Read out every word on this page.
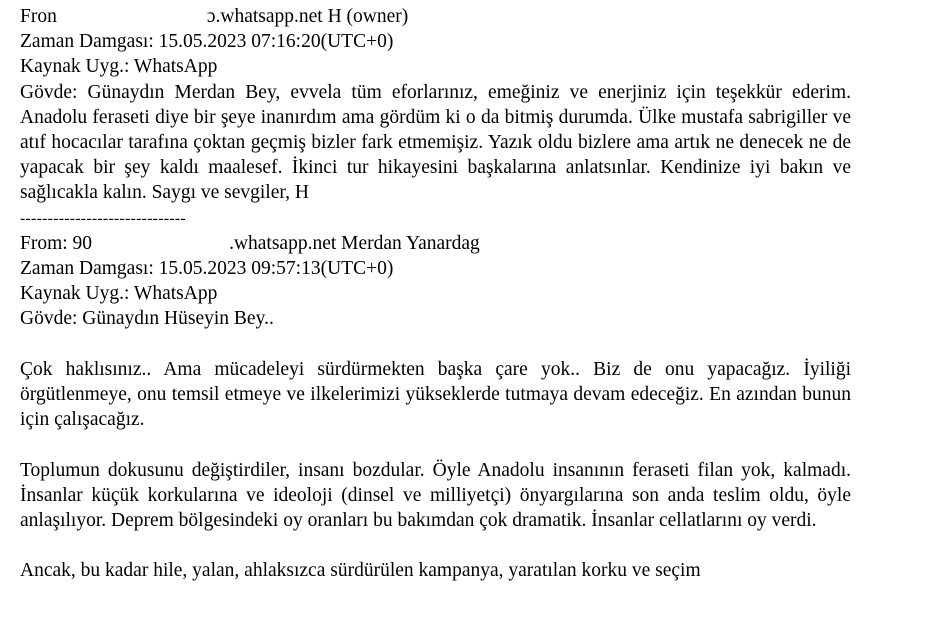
Fron	ɔ.whatsapp.net H (owner)
Zaman Damgası: 15.05.2023 07:16:20(UTC+0)
Kaynak Uyg.: WhatsApp

Gövde: Günaydın Merdan Bey, evvela tüm eforlarınız, emeğiniz ve enerjiniz için teşekkür ederim. Anadolu feraseti diye bir şeye inanırdım ama gördüm ki o da bitmiş durumda. Ülke mustafa sabrigiller ve atıf hocacılar tarafına çoktan geçmiş bizler fark etmemişiz. Yazık oldu bizlere ama artık ne denecek ne de yapacak bir şey kaldı maalesef. İkinci tur hikayesini başkalarına anlatsınlar. Kendinize iyi bakın ve sağlıcakla kalın. Saygı ve sevgiler, H

------------------------------
From: 90	.whatsapp.net Merdan Yanardag
Zaman Damgası: 15.05.2023 09:57:13(UTC+0)
Kaynak Uyg.: WhatsApp
Gövde: Günaydın Hüseyin Bey..

Çok haklısınız.. Ama mücadeleyi sürdürmekten başka çare yok.. Biz de onu yapacağız. İyiliği örgütlenmeye, onu temsil etmeye ve ilkelerimizi yükseklerde tutmaya devam edeceğiz. En azından bunun için çalışacağız.

Toplumun dokusunu değiştirdiler, insanı bozdular. Öyle Anadolu insanının feraseti filan yok, kalmadı. İnsanlar küçük korkularına ve ideoloji (dinsel ve milliyetçi) önyargılarına son anda teslim oldu, öyle anlaşılıyor. Deprem bölgesindeki oy oranları bu bakımdan çok dramatik. İnsanlar cellatlarını oy verdi.

Ancak, bu kadar hile, yalan, ahlaksızca sürdürülen kampanya, yaratılan korku ve seçim
